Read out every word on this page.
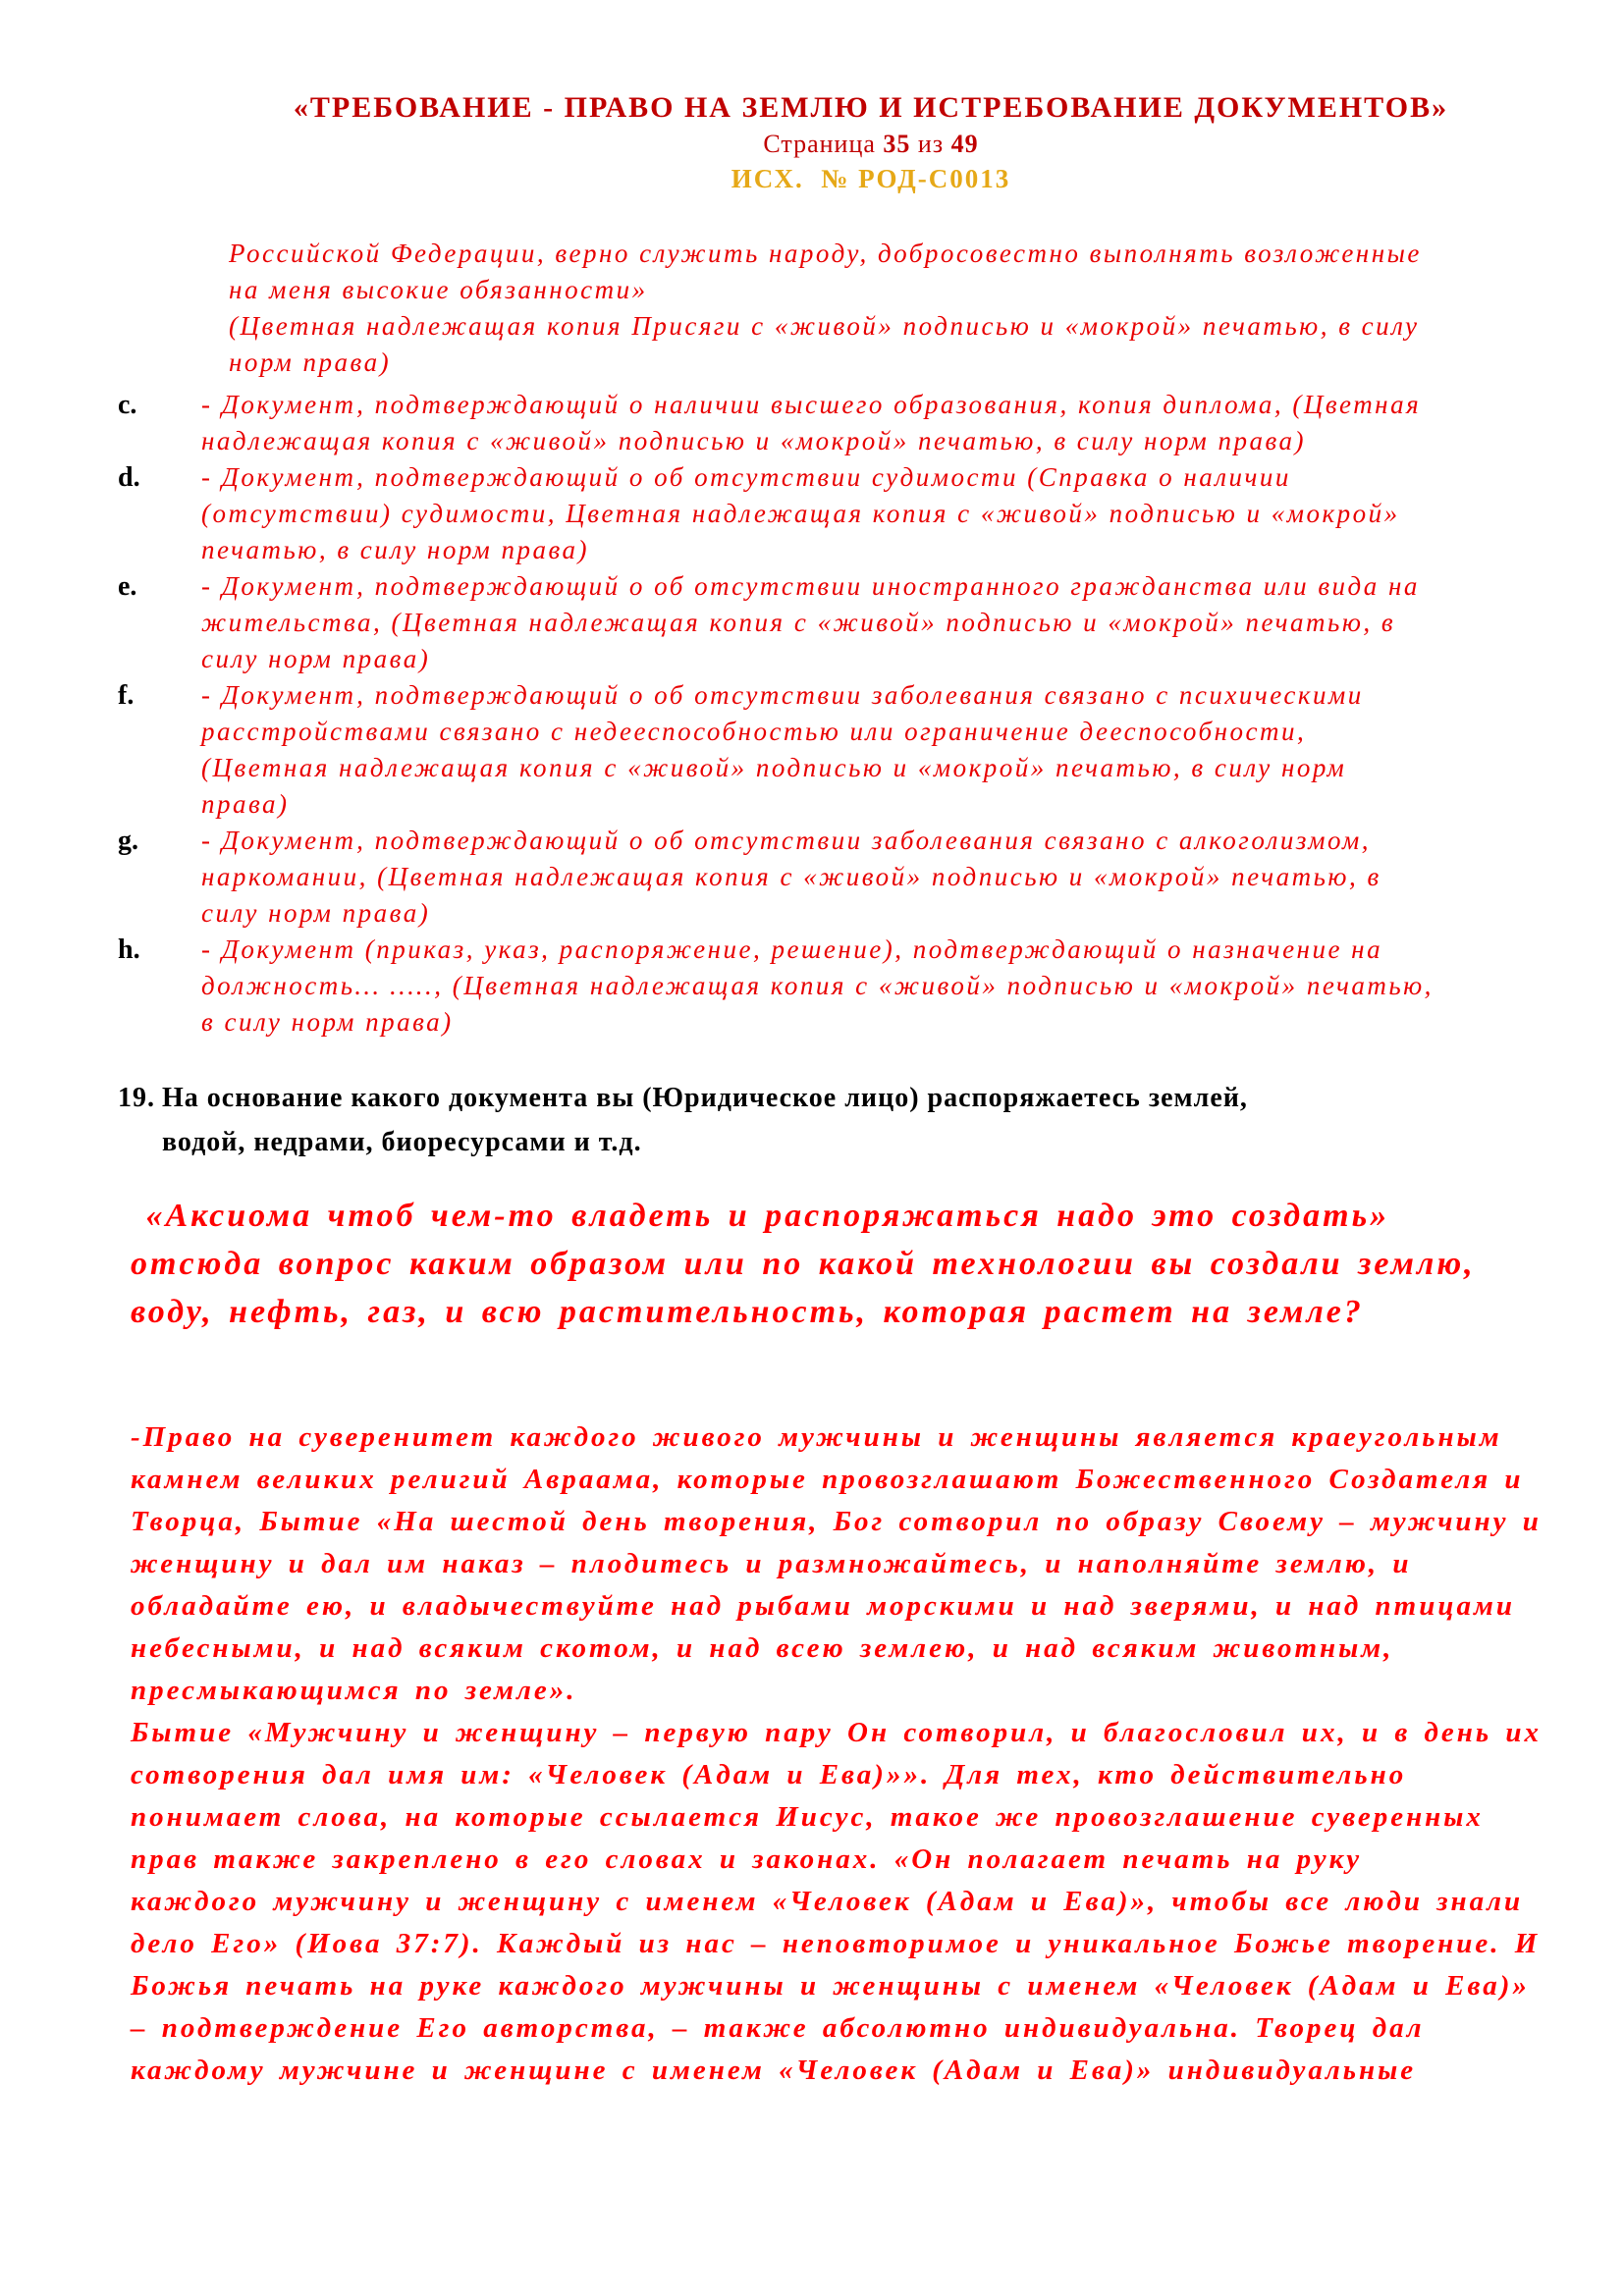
«ТРЕБОВАНИЕ - ПРАВО НА ЗЕМЛЮ И ИСТРЕБОВАНИЕ ДОКУМЕНТОВ»
Страница 35 из 49
ИСХ.  № РОД-С0013
Российской Федерации, верно служить народу, добросовестно выполнять возложенные
на меня высокие обязанности»
(Цветная надлежащая копия Присяги с «живой» подписью и «мокрой» печатью, в силу
норм права)
c.	- Документ, подтверждающий о наличии высшего образования, копия диплома, (Цветная
надлежащая копия с «живой» подписью и «мокрой» печатью, в силу норм права)
d.	- Документ, подтверждающий о об отсутствии судимости (Справка о наличии
(отсутствии) судимости, Цветная надлежащая копия с «живой» подписью и «мокрой»
печатью, в силу норм права)
e.	- Документ, подтверждающий о об отсутствии иностранного гражданства или вида на
жительства, (Цветная надлежащая копия с «живой» подписью и «мокрой» печатью, в
силу норм права)
f.	- Документ, подтверждающий о об отсутствии заболевания связано с психическими
расстройствами связано с недееспособностью или ограничение дееспособности,
(Цветная надлежащая копия с «живой» подписью и «мокрой» печатью, в силу норм
права)
g.	- Документ, подтверждающий о об отсутствии заболевания связано с алкоголизмом,
наркомании, (Цветная надлежащая копия с «живой» подписью и «мокрой» печатью, в
силу норм права)
h.	- Документ (приказ, указ, распоряжение, решение), подтверждающий о назначение на
должность… ….., (Цветная надлежащая копия с «живой» подписью и «мокрой» печатью,
в силу норм права)
19. На основание какого документа вы (Юридическое лицо) распоряжаетесь землей,
водой, недрами, биоресурсами и т.д.
«Аксиома чтоб чем-то владеть и распоряжаться надо это создать»
отсюда вопрос каким образом или по какой технологии вы создали землю,
воду, нефть, газ, и всю растительность, которая растет на земле?
-Право на суверенитет каждого живого мужчины и женщины является краеугольным
камнем великих религий Авраама, которые провозглашают Божественного Создателя и
Творца, Бытие «На шестой день творения, Бог сотворил по образу Своему – мужчину и
женщину и дал им наказ – плодитесь и размножайтесь, и наполняйте землю, и
обладайте ею, и владычествуйте над рыбами морскими и над зверями, и над птицами
небесными, и над всяким скотом, и над всею землею, и над всяким животным,
пресмыкающимся по земле».
Бытие «Мужчину и женщину – первую пару Он сотворил, и благословил их, и в день их
сотворения дал имя им: «Человек (Адам и Ева)»». Для тех, кто действительно
понимает слова, на которые ссылается Иисус, такое же провозглашение суверенных
прав также закреплено в его словах и законах. «Он полагает печать на руку
каждого мужчину и женщину с именем «Человек (Адам и Ева)», чтобы все люди знали
дело Его» (Иова 37:7). Каждый из нас – неповторимое и уникальное Божье творение. И
Божья печать на руке каждого мужчины и женщины с именем «Человек (Адам и Ева)»
– подтверждение Его авторства, – также абсолютно индивидуальна. Творец дал
каждому мужчине и женщине с именем «Человек (Адам и Ева)» индивидуальные
